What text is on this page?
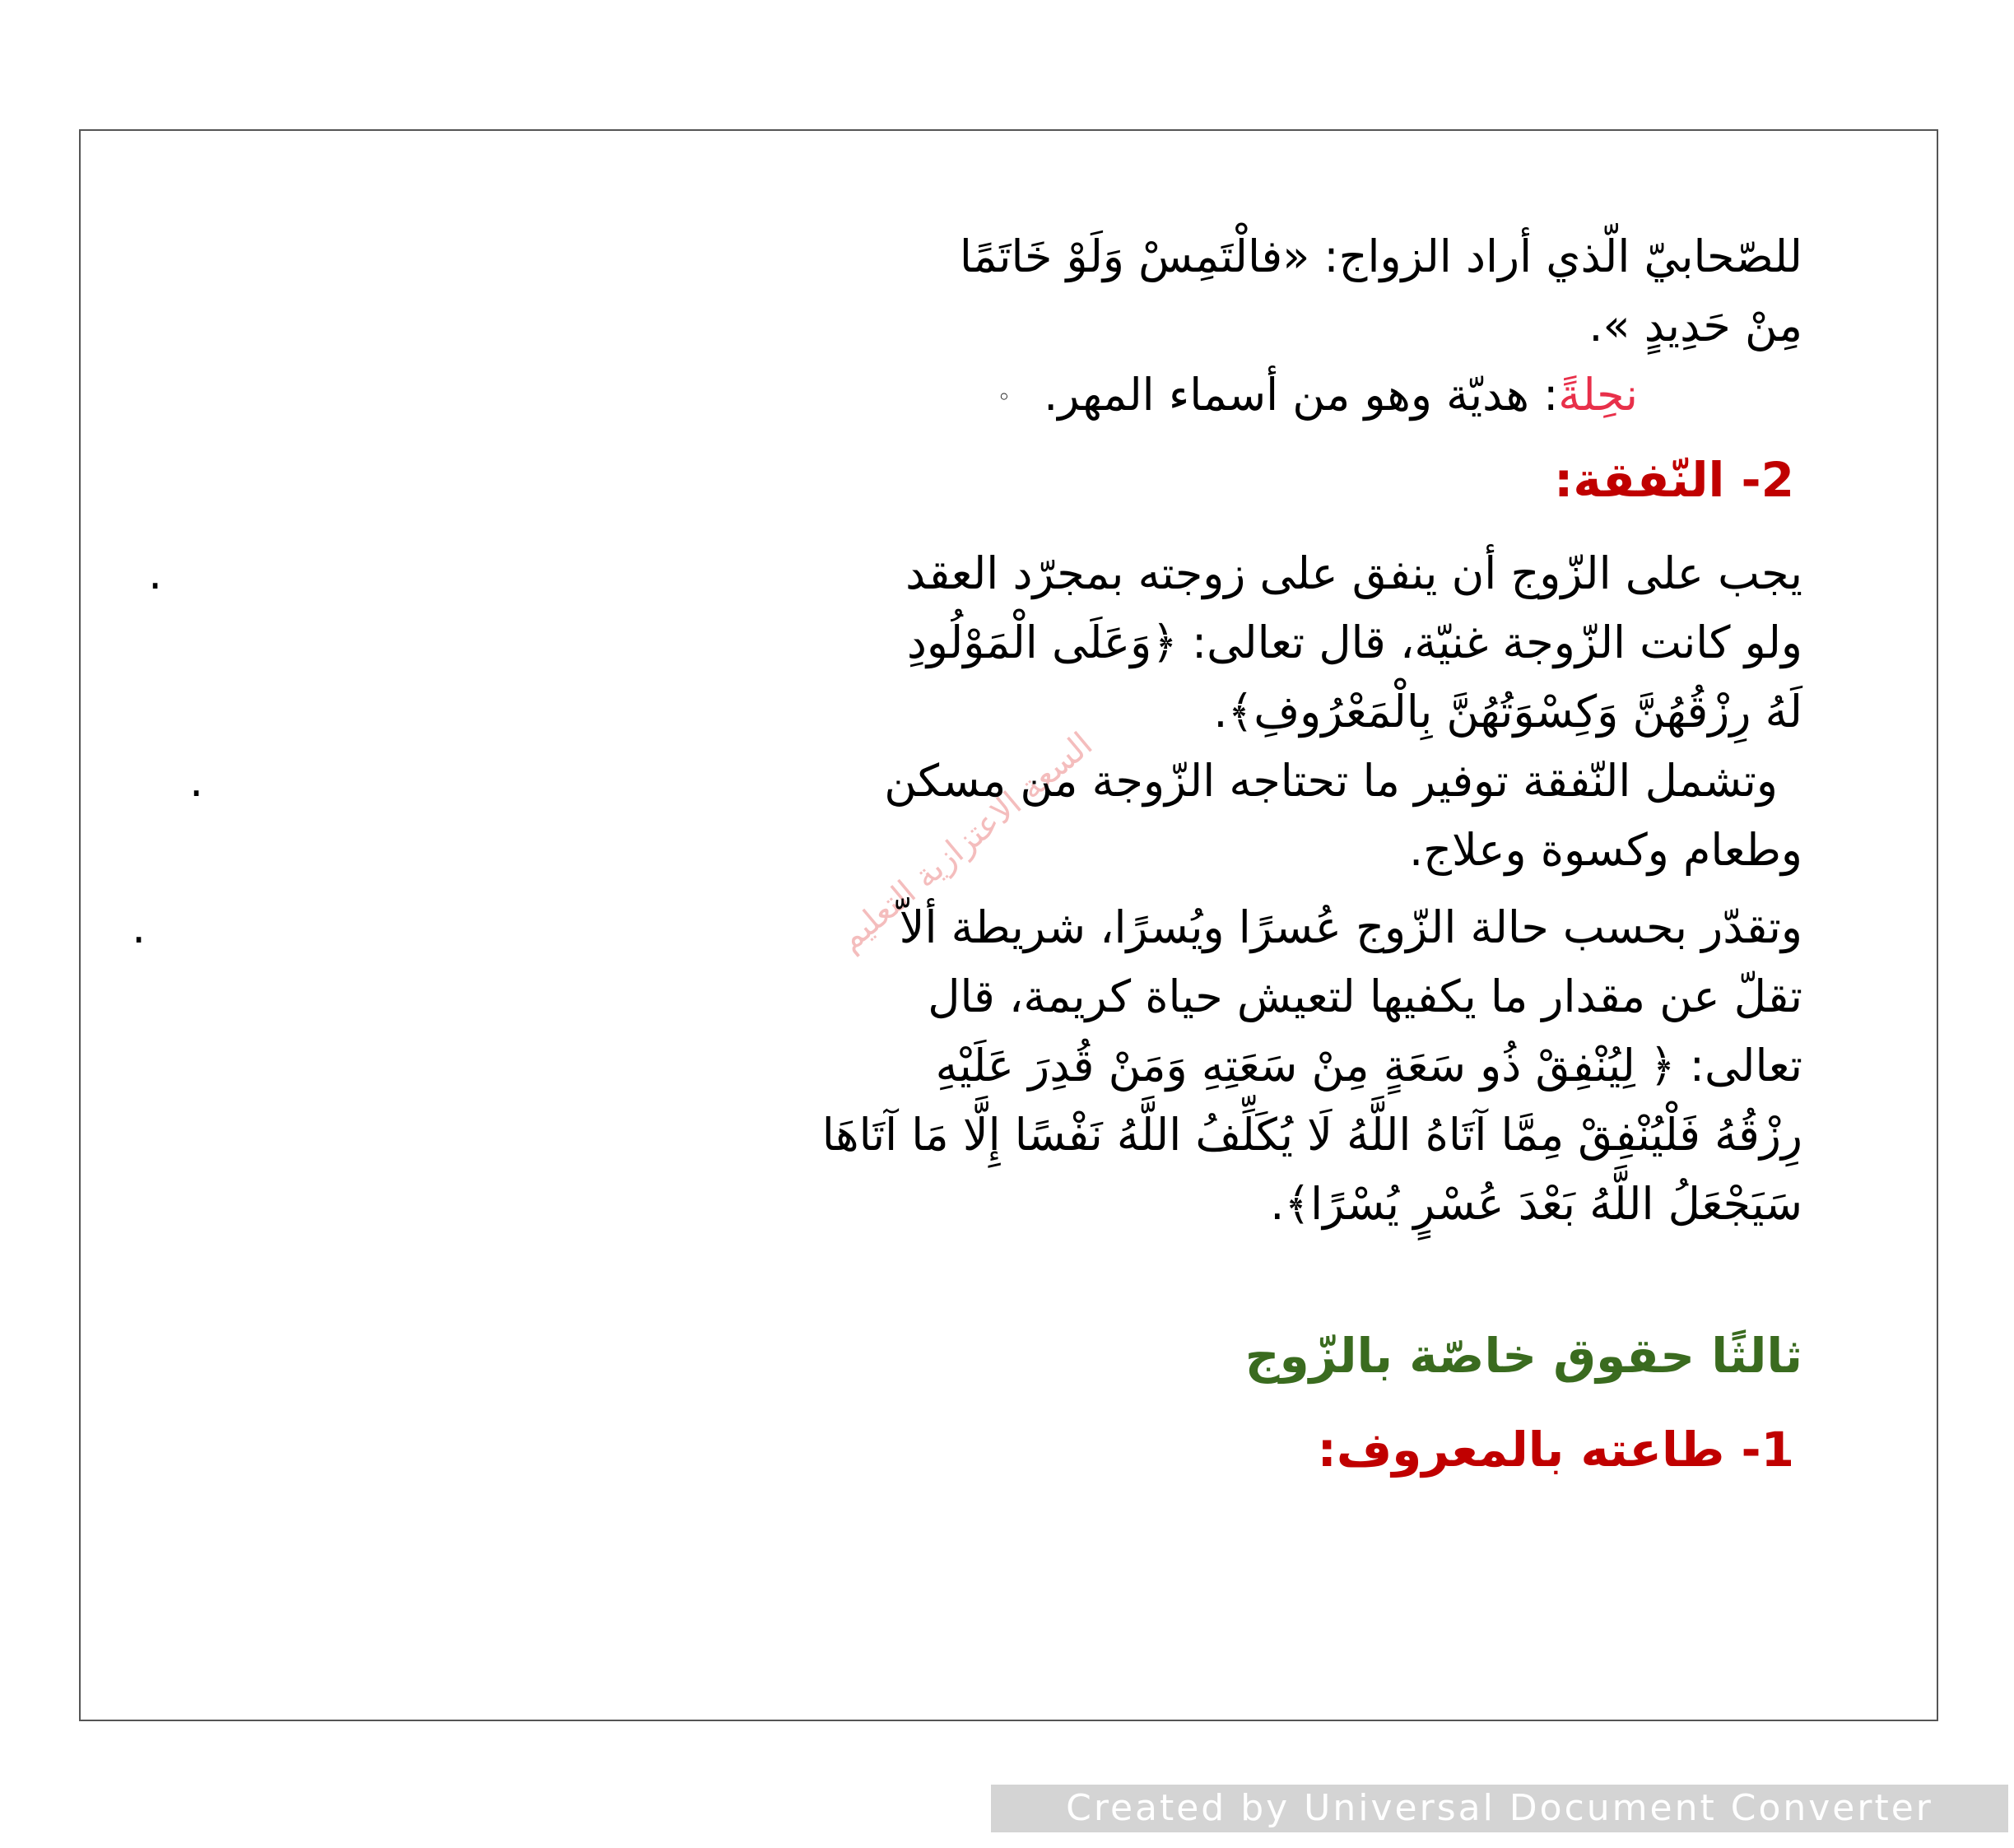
السعة الاعتزازية التعليم
للصّحابيّ الّذي أراد الزواج: «فالْتَمِسْ وَلَوْ خَاتَمًا
مِنْ حَدِيدٍ ».
نحِلةً: هديّة وهو من أسماء المهر.◦
2- النّفقة:
يجب على الزّوج أن ينفق على زوجته بمجرّد العقد
.
ولو كانت الزّوجة غنيّة، قال تعالى: ﴿وَعَلَى الْمَوْلُودِ
لَهُ رِزْقُهُنَّ وَكِسْوَتُهُنَّ بِالْمَعْرُوفِ﴾.
وتشمل النّفقة توفير ما تحتاجه الزّوجة من مسكن
.
وطعام وكسوة وعلاج.
وتقدّر بحسب حالة الزّوج عُسرًا ويُسرًا، شريطة ألاّ
.
تقلّ عن مقدار ما يكفيها لتعيش حياة كريمة، قال
تعالى: ﴿ لِيُنْفِقْ ذُو سَعَةٍ مِنْ سَعَتِهِ وَمَنْ قُدِرَ عَلَيْهِ
رِزْقُهُ فَلْيُنْفِقْ مِمَّا آتَاهُ اللَّهُ لَا يُكَلِّفُ اللَّهُ نَفْسًا إِلَّا مَا آتَاهَا
سَيَجْعَلُ اللَّهُ بَعْدَ عُسْرٍ يُسْرًا﴾.
ثالثًا حقوق خاصّة بالزّوج
1- طاعته بالمعروف:
Created by Universal Document Converter
